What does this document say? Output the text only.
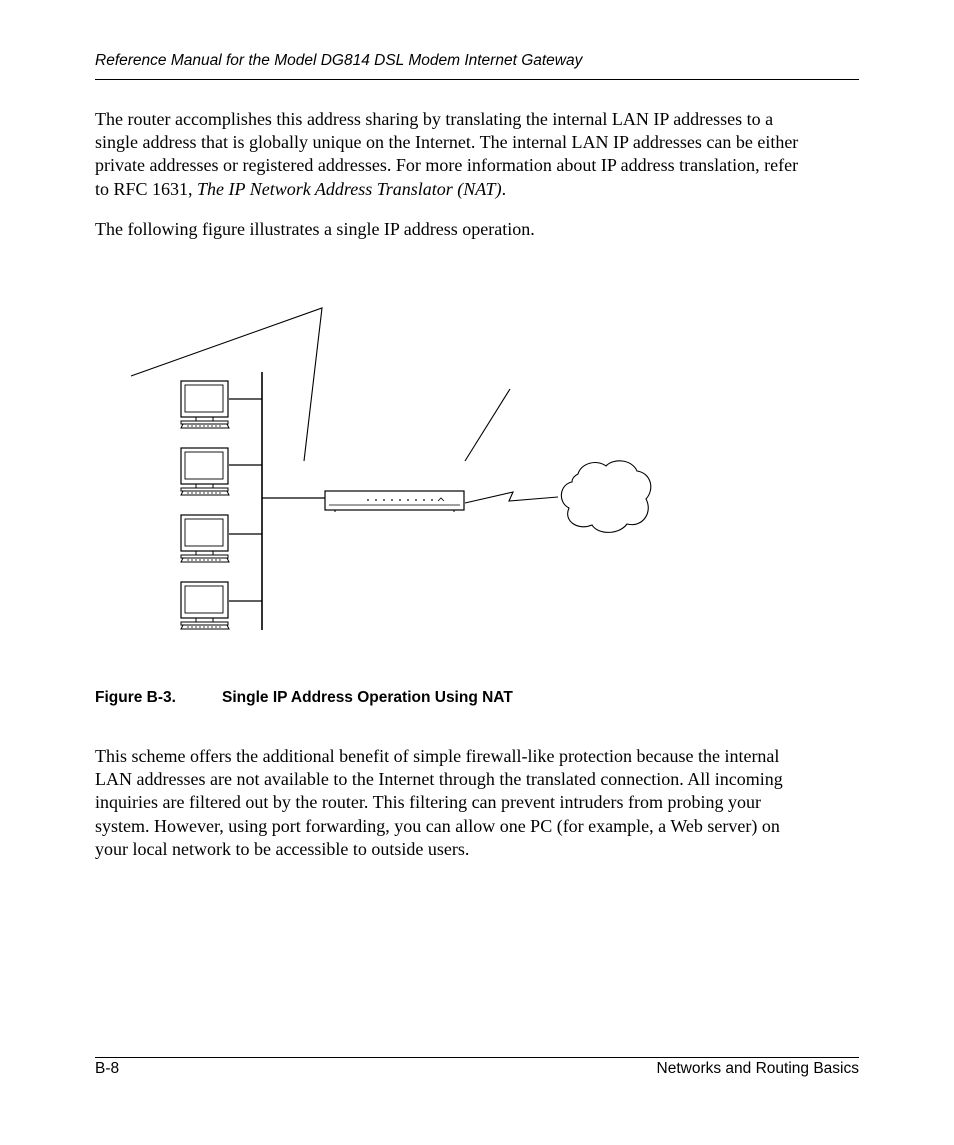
Reference Manual for the Model DG814 DSL Modem Internet Gateway
The router accomplishes this address sharing by translating the internal LAN IP addresses to a
single address that is globally unique on the Internet. The internal LAN IP addresses can be either
private addresses or registered addresses. For more information about IP address translation, refer
to RFC 1631, The IP Network Address Translator (NAT).
The following figure illustrates a single IP address operation.
Figure B-3.	Single IP Address Operation Using NAT
This scheme offers the additional benefit of simple firewall-like protection because the internal
LAN addresses are not available to the Internet through the translated connection. All incoming
inquiries are filtered out by the router. This filtering can prevent intruders from probing your
system. However, using port forwarding, you can allow one PC (for example, a Web server) on
your local network to be accessible to outside users.
B-8	Networks and Routing Basics
